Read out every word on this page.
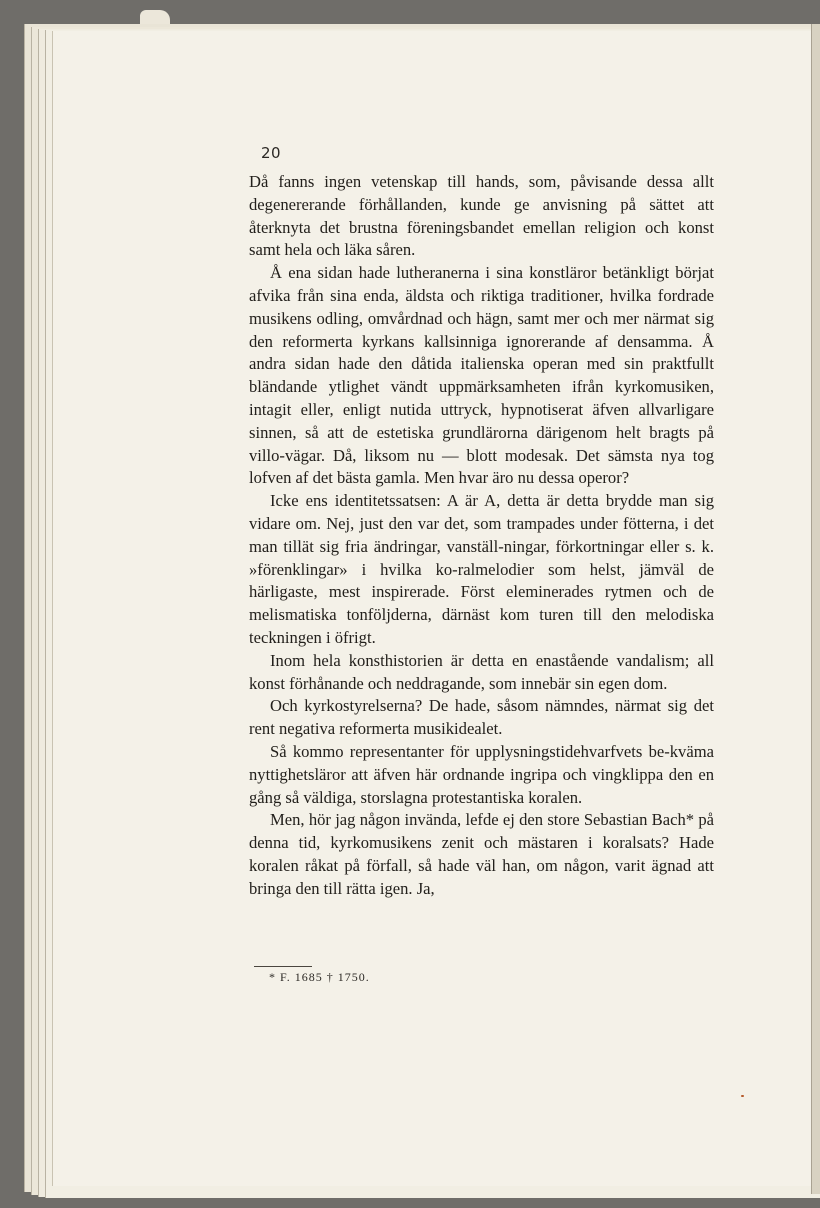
20

Då fanns ingen vetenskap till hands, som, påvisande dessa allt degenererande förhållanden, kunde ge anvisning på sättet att återknyta det brustna föreningsbandet emellan religion och konst samt hela och läka såren.

Å ena sidan hade lutheranerna i sina konstläror betänkligt börjat afvika från sina enda, äldsta och riktiga traditioner, hvilka fordrade musikens odling, omvårdnad och hägn, samt mer och mer närmat sig den reformerta kyrkans kallsinniga ignorerande af densamma. Å andra sidan hade den dåtida italienska operan med sin praktfullt bländande ytlighet vändt uppmärksamheten ifrån kyrkomusiken, intagit eller, enligt nutida uttryck, hypnotiserat äfven allvarligare sinnen, så att de estetiska grundlärorna därigenom helt bragts på villo-vägar. Då, liksom nu — blott modesak. Det sämsta nya tog lofven af det bästa gamla. Men hvar äro nu dessa operor?

Icke ens identitetssatsen: A är A, detta är detta brydde man sig vidare om. Nej, just den var det, som trampades under fötterna, i det man tillät sig fria ändringar, vanställ-ningar, förkortningar eller s. k. »förenklingar» i hvilka ko-ralmelodier som helst, jämväl de härligaste, mest inspirerade. Först eleminerades rytmen och de melismatiska tonföljderna, därnäst kom turen till den melodiska teckningen i öfrigt.

Inom hela konsthistorien är detta en enastående vandalism; all konst förhånande och neddragande, som innebär sin egen dom.

Och kyrkostyrelserna? De hade, såsom nämndes, närmat sig det rent negativa reformerta musikidealet.

Så kommo representanter för upplysningstidehvarfvets be-kväma nyttighetsläror att äfven här ordnande ingripa och vingklippa den en gång så väldiga, storslagna protestantiska koralen.

Men, hör jag någon invända, lefde ej den store Sebastian Bach* på denna tid, kyrkomusikens zenit och mästaren i koralsats? Hade koralen råkat på förfall, så hade väl han, om någon, varit ägnad att bringa den till rätta igen. Ja,

* F. 1685 † 1750.
